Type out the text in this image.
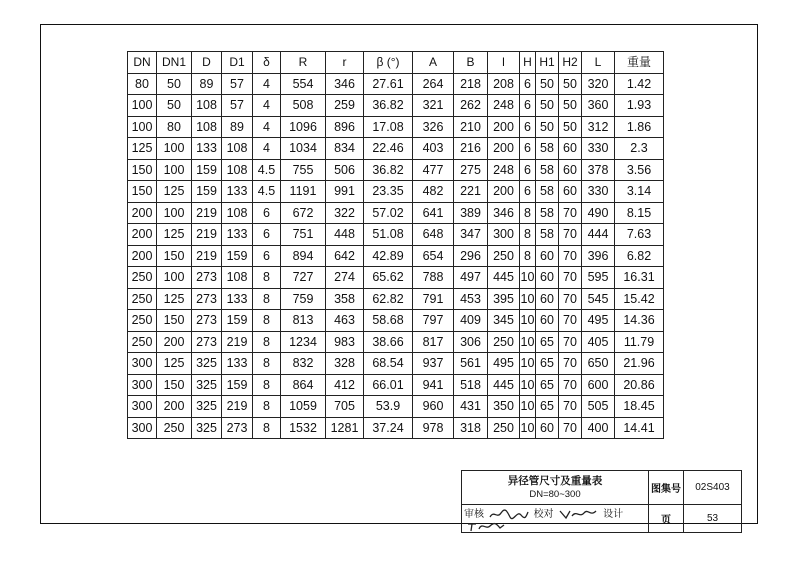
DN	DN1	D	D1	δ	R	r	β (°)	A	B	l	H	H1	H2	L	重量
80	50	89	57	4	554	346	27.61	264	218	208	6	50	50	320	1.42
100	50	108	57	4	508	259	36.82	321	262	248	6	50	50	360	1.93
100	80	108	89	4	1096	896	17.08	326	210	200	6	50	50	312	1.86
125	100	133	108	4	1034	834	22.46	403	216	200	6	58	60	330	2.3
150	100	159	108	4.5	755	506	36.82	477	275	248	6	58	60	378	3.56
150	125	159	133	4.5	1191	991	23.35	482	221	200	6	58	60	330	3.14
200	100	219	108	6	672	322	57.02	641	389	346	8	58	70	490	8.15
200	125	219	133	6	751	448	51.08	648	347	300	8	58	70	444	7.63
200	150	219	159	6	894	642	42.89	654	296	250	8	60	70	396	6.82
250	100	273	108	8	727	274	65.62	788	497	445	10	60	70	595	16.31
250	125	273	133	8	759	358	62.82	791	453	395	10	60	70	545	15.42
250	150	273	159	8	813	463	58.68	797	409	345	10	60	70	495	14.36
250	200	273	219	8	1234	983	38.66	817	306	250	10	65	70	405	11.79
300	125	325	133	8	832	328	68.54	937	561	495	10	65	70	650	21.96
300	150	325	159	8	864	412	66.01	941	518	445	10	65	70	600	20.86
300	200	325	219	8	1059	705	53.9	960	431	350	10	65	70	505	18.45
300	250	325	273	8	1532	1281	37.24	978	318	250	10	60	70	400	14.41
异径管尺寸及重量表
DN=80~300	图集号	02S403
审核 校对 设计	页	53
